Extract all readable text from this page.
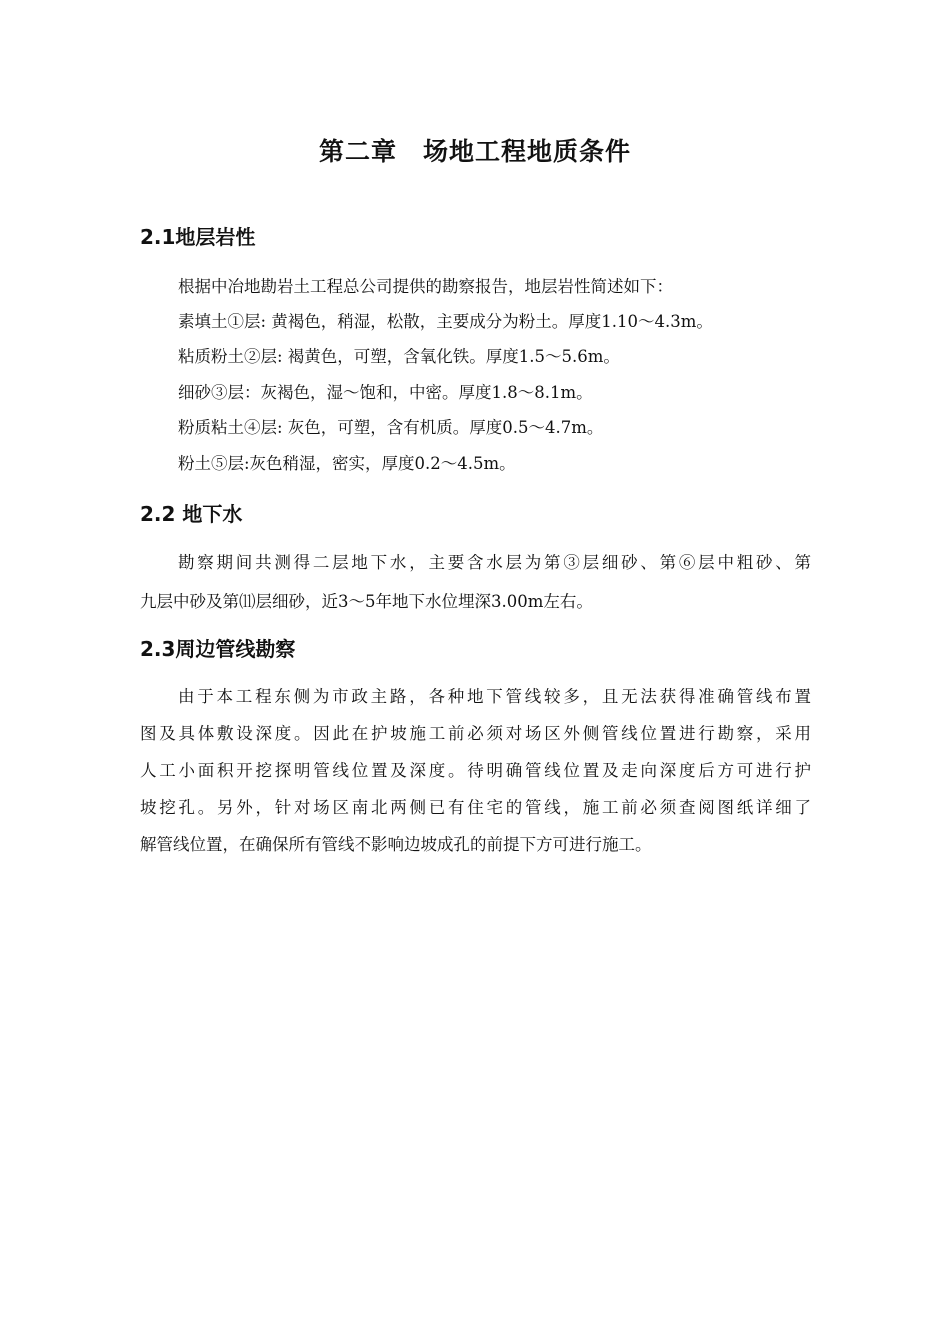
第二章　场地工程地质条件
2.1地层岩性
根据中冶地勘岩土工程总公司提供的勘察报告，地层岩性简述如下：
素填土①层: 黄褐色，稍湿，松散，主要成分为粉土。厚度1.10～4.3m。
粘质粉土②层: 褐黄色，可塑，含氧化铁。厚度1.5～5.6m。
细砂③层：灰褐色，湿～饱和，中密。厚度1.8～8.1m。
粉质粘土④层: 灰色，可塑，含有机质。厚度0.5～4.7m。
粉土⑤层:灰色稍湿，密实，厚度0.2～4.5m。
2.2 地下水
勘察期间共测得二层地下水，主要含水层为第③层细砂、第⑥层中粗砂、第
九层中砂及第⑾层细砂，近3～5年地下水位埋深3.00m左右。
2.3周边管线勘察
由于本工程东侧为市政主路，各种地下管线较多，且无法获得准确管线布置
图及具体敷设深度。因此在护坡施工前必须对场区外侧管线位置进行勘察，采用
人工小面积开挖探明管线位置及深度。待明确管线位置及走向深度后方可进行护
坡挖孔。另外，针对场区南北两侧已有住宅的管线，施工前必须查阅图纸详细了
解管线位置，在确保所有管线不影响边坡成孔的前提下方可进行施工。
